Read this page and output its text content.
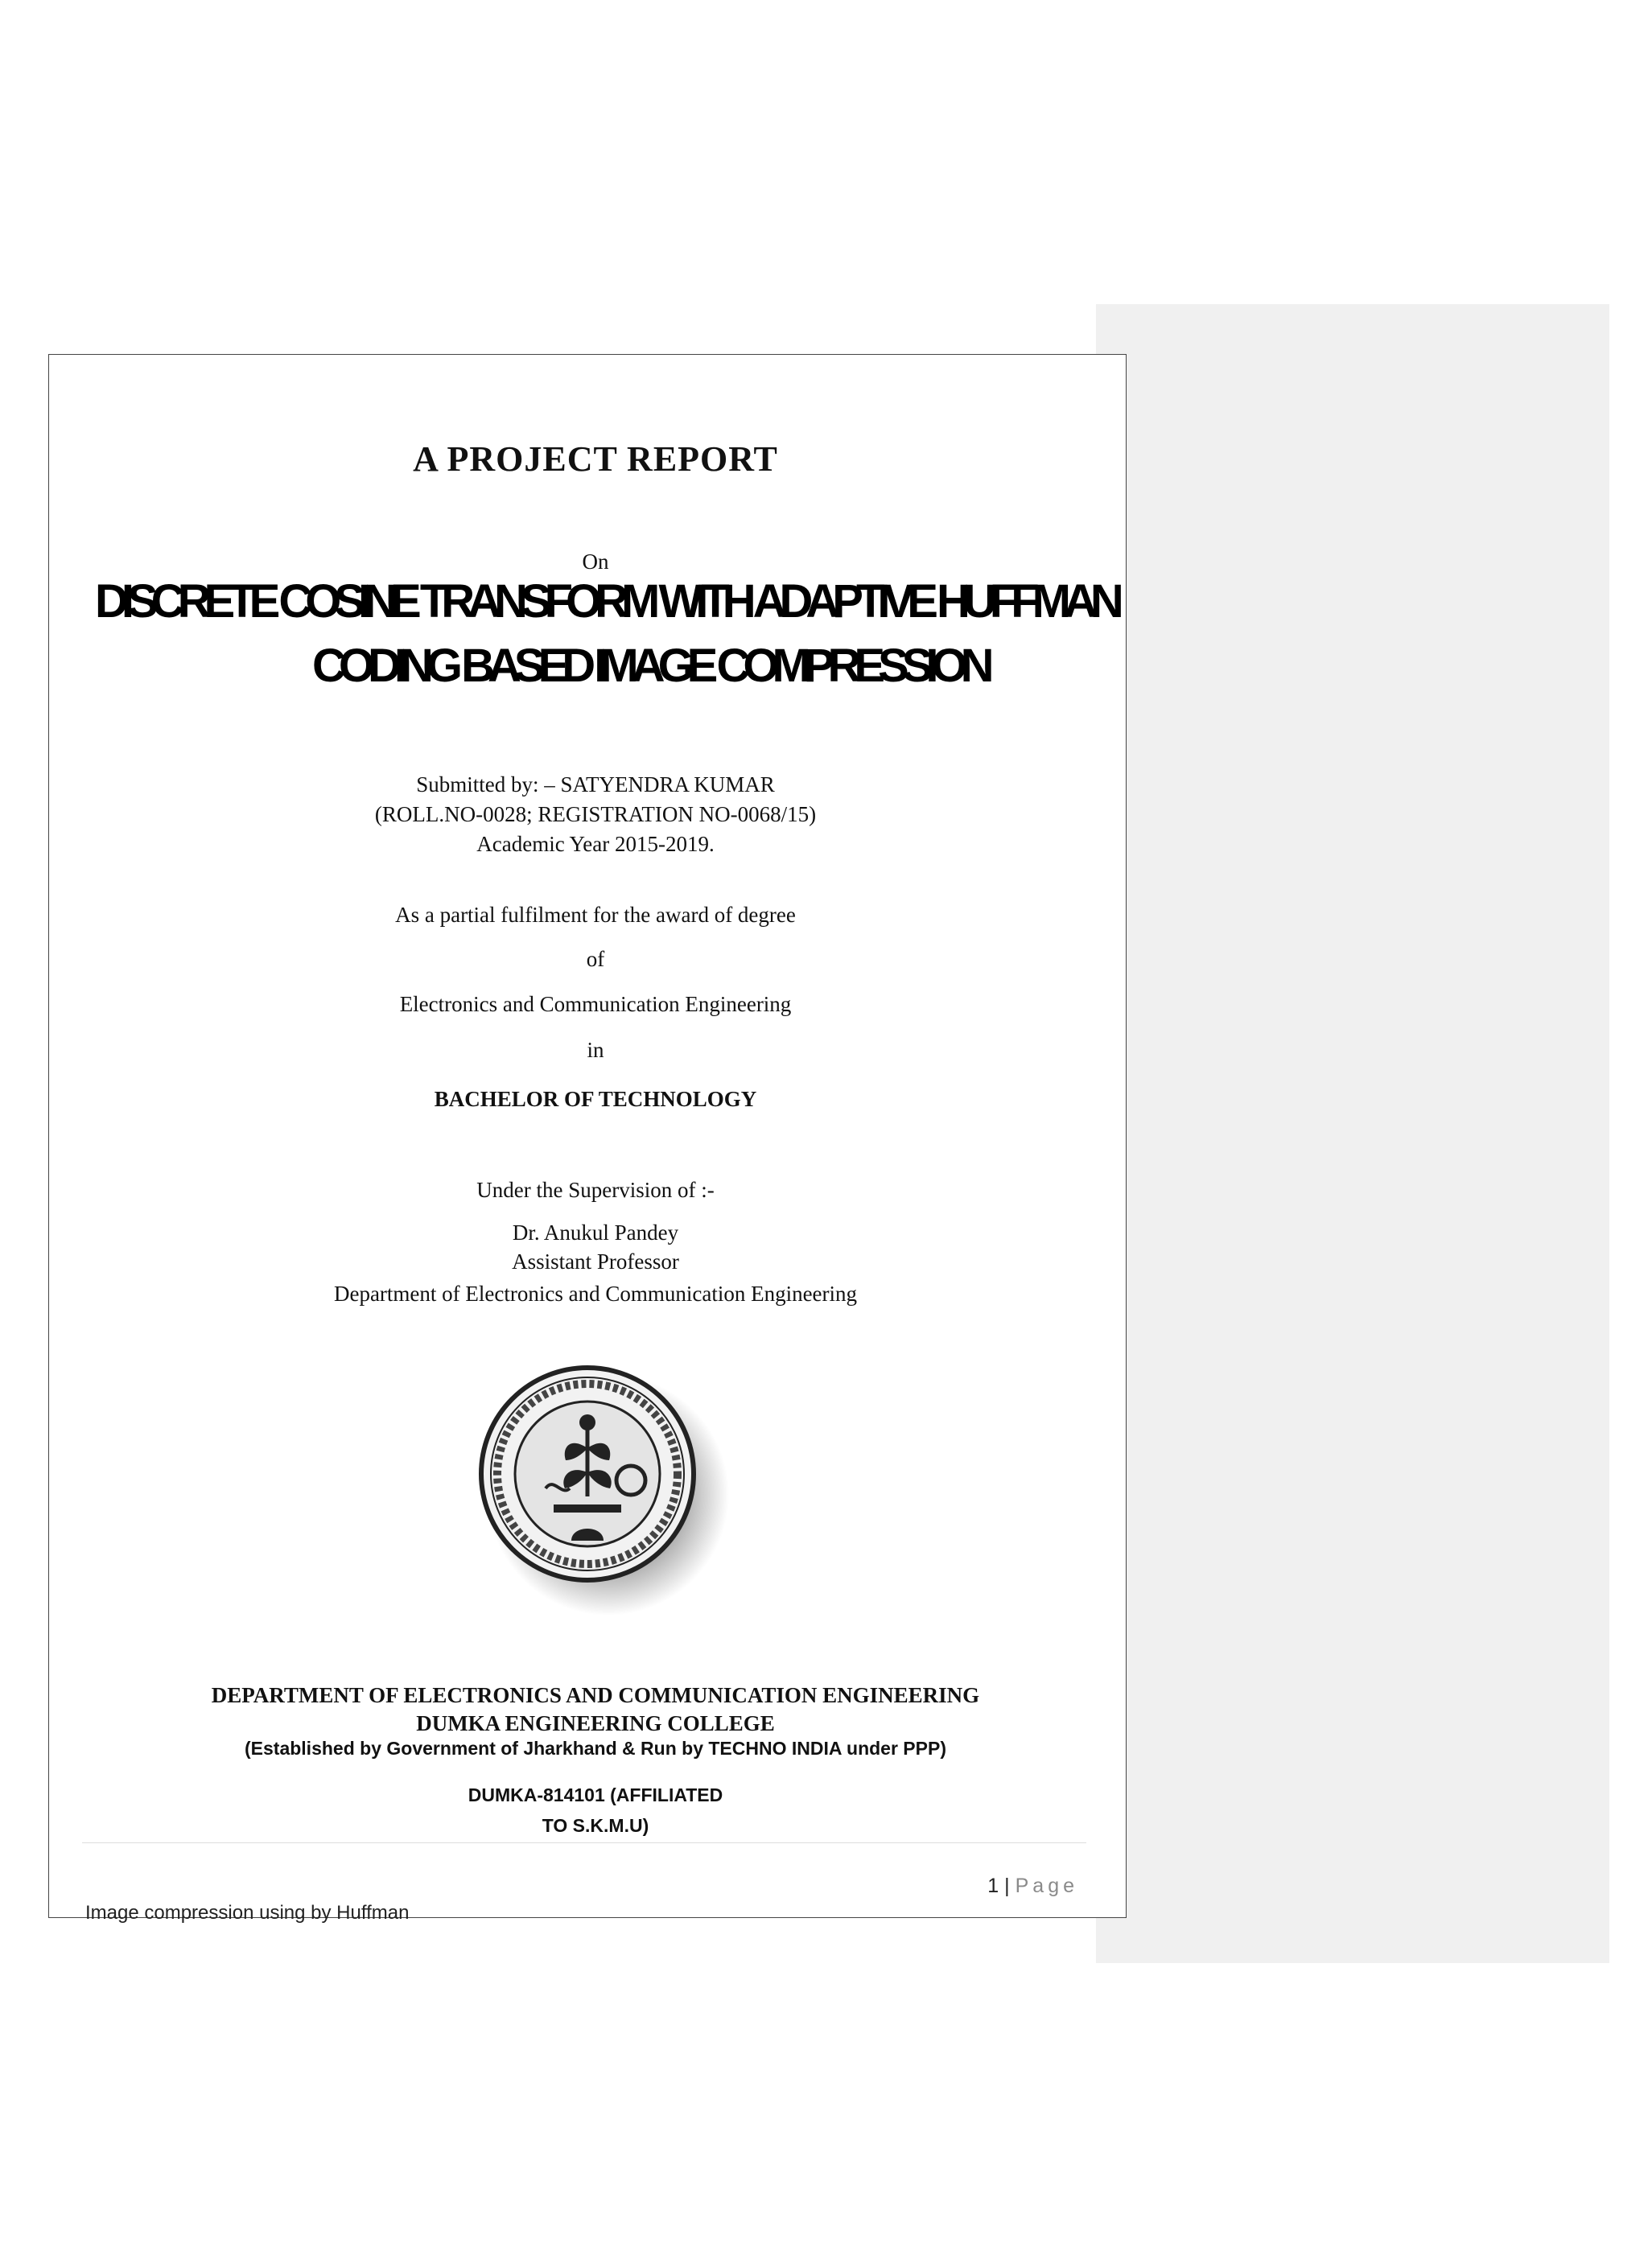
A PROJECT REPORT
On
DISCRETE COSINE TRANSFORM WITH ADAPTIVE HUFFMAN
CODING BASED IMAGE COMPRESSION
Submitted by: – SATYENDRA KUMAR
(ROLL.NO-0028; REGISTRATION NO-0068/15)
Academic Year 2015-2019.
As a partial fulfilment for the award of degree
of
Electronics and Communication Engineering
in
BACHELOR OF TECHNOLOGY
Under the Supervision of :-
Dr. Anukul Pandey
Assistant Professor
Department of Electronics and Communication Engineering
DEPARTMENT OF ELECTRONICS AND COMMUNICATION ENGINEERING
DUMKA ENGINEERING COLLEGE
(Established by Government of Jharkhand & Run by TECHNO INDIA under PPP)
DUMKA-814101 (AFFILIATED
TO S.K.M.U)
1 | Page
Image compression using by Huffman
